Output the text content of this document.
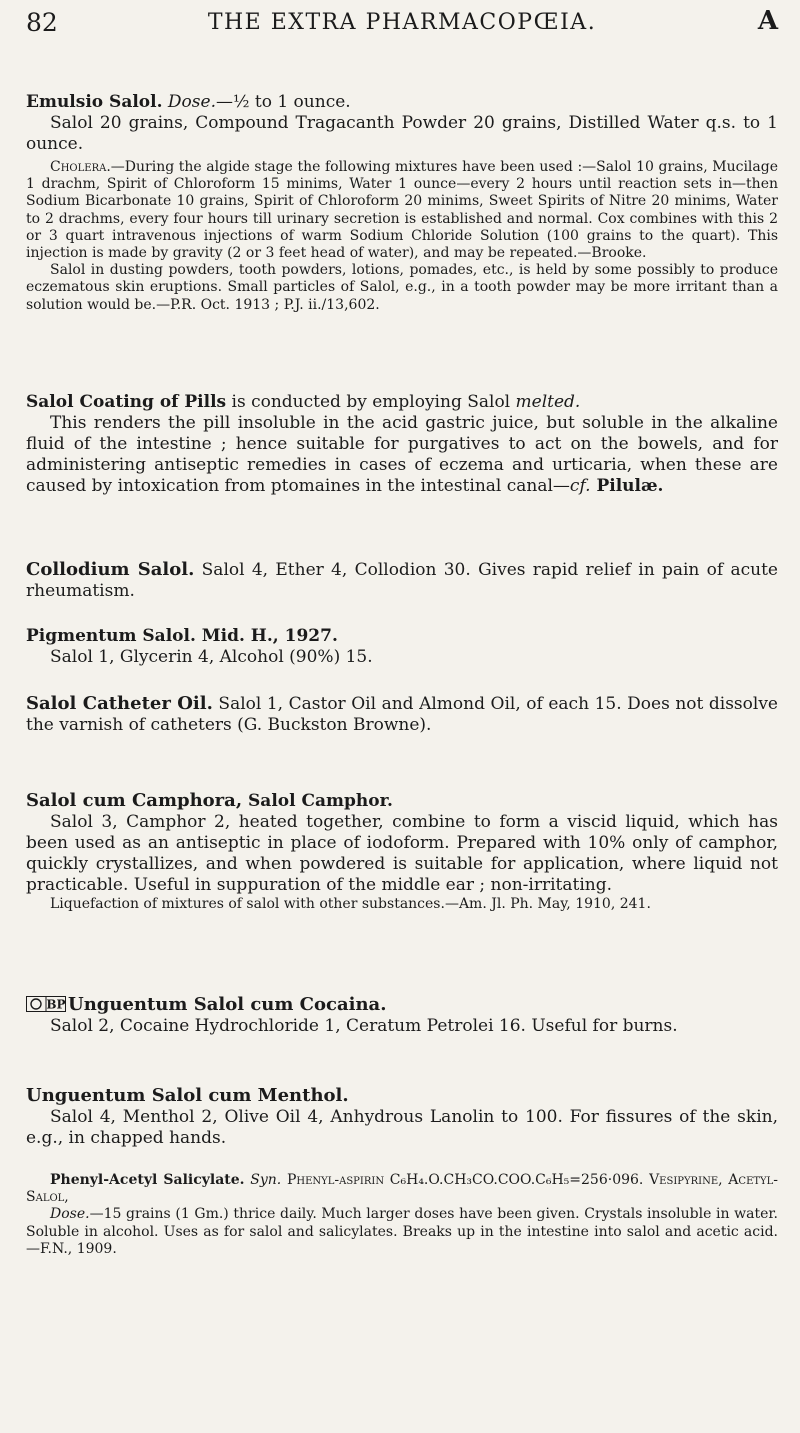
82	THE EXTRA PHARMACOPŒIA.	A

Emulsio Salol. Dose.—½ to 1 ounce.

Salol 20 grains, Compound Tragacanth Powder 20 grains, Distilled Water q.s. to 1 ounce.

Cholera.—During the algide stage the following mixtures have been used :—Salol 10 grains, Mucilage 1 drachm, Spirit of Chloroform 15 minims, Water 1 ounce—every 2 hours until reaction sets in—then Sodium Bicarbonate 10 grains, Spirit of Chloroform 20 minims, Sweet Spirits of Nitre 20 minims, Water to 2 drachms, every four hours till urinary secretion is established and normal. Cox combines with this 2 or 3 quart intravenous injections of warm Sodium Chloride Solution (100 grains to the quart). This injection is made by gravity (2 or 3 feet head of water), and may be repeated.—Brooke.

Salol in dusting powders, tooth powders, lotions, pomades, etc., is held by some possibly to produce eczematous skin eruptions. Small particles of Salol, e.g., in a tooth powder may be more irritant than a solution would be.—P.R. Oct. 1913 ; P.J. ii./13,602.

Salol Coating of Pills is conducted by employing Salol melted.

This renders the pill insoluble in the acid gastric juice, but soluble in the alkaline fluid of the intestine ; hence suitable for purgatives to act on the bowels, and for administering antiseptic remedies in cases of eczema and urticaria, when these are caused by intoxication from ptomaines in the intestinal canal—cf. Pilulæ.

Collodium Salol. Salol 4, Ether 4, Collodion 30. Gives rapid relief in pain of acute rheumatism.

Pigmentum Salol. Mid. H., 1927.

Salol 1, Glycerin 4, Alcohol (90%) 15.

Salol Catheter Oil. Salol 1, Castor Oil and Almond Oil, of each 15. Does not dissolve the varnish of catheters (G. Buckston Browne).

Salol cum Camphora, Salol Camphor.

Salol 3, Camphor 2, heated together, combine to form a viscid liquid, which has been used as an antiseptic in place of iodoform. Prepared with 10% only of camphor, quickly crystallizes, and when powdered is suitable for application, where liquid not practicable. Useful in suppuration of the middle ear ; non-irritating.

Liquefaction of mixtures of salol with other substances.—Am. Jl. Ph. May, 1910, 241.

BP Unguentum Salol cum Cocaina.

Salol 2, Cocaine Hydrochloride 1, Ceratum Petrolei 16. Useful for burns.

Unguentum Salol cum Menthol.

Salol 4, Menthol 2, Olive Oil 4, Anhydrous Lanolin to 100. For fissures of the skin, e.g., in chapped hands.

Phenyl-Acetyl Salicylate. Syn. Phenyl-aspirin C₆H₄.O.CH₃CO.COO.C₆H₅=256·096. Vesipyrine, Acetyl-Salol,

Dose.—15 grains (1 Gm.) thrice daily. Much larger doses have been given. Crystals insoluble in water. Soluble in alcohol. Uses as for salol and salicylates. Breaks up in the intestine into salol and acetic acid.—F.N., 1909.
